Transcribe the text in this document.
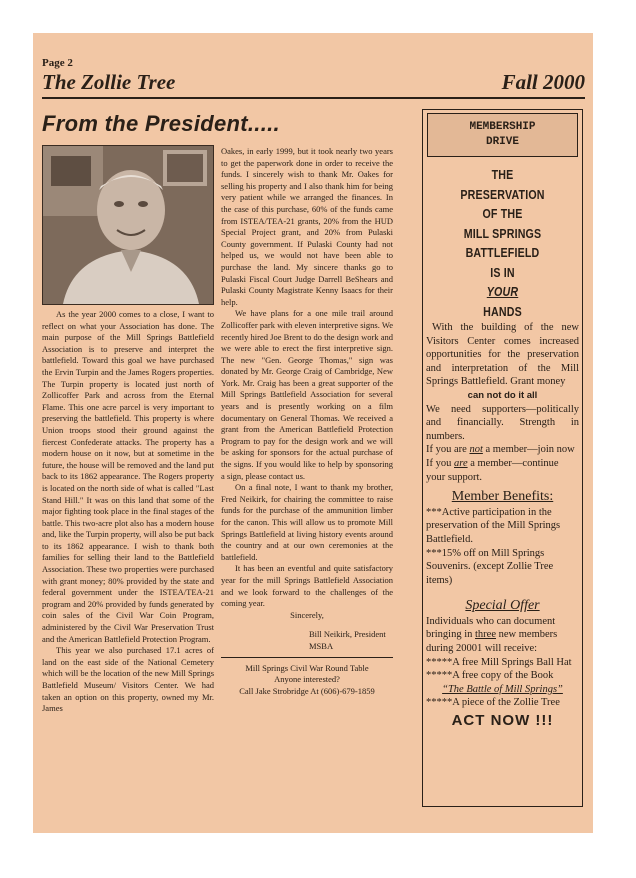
Page 2
The Zollie Tree	Fall 2000
From the President.....

As the year 2000 comes to a close, I want to reflect on what your Association has done. The main purpose of the Mill Springs Battlefield Association is to preserve and interpret the battlefield. Toward this goal we have purchased the Ervin Turpin and the James Rogers properties. The Turpin property is located just north of Zollicoffer Park and across from the Eternal Flame. This one acre parcel is very important to preserving the battlefield. This property is where Union troops stood their ground against the fiercest Confederate attacks. The property has a modern house on it now, but at sometime in the future, the house will be removed and the land put back to its 1862 appearance. The Rogers property is located on the north side of what is called "Last Stand Hill." It was on this land that some of the major fighting took place in the final stages of the battle. This two-acre plot also has a modern house and, like the Turpin property, will also be put back to its 1862 appearance. I wish to thank both families for selling their land to the Battlefield Association. These two properties were purchased with grant money; 80% provided by the state and federal government under the ISTEA/TEA-21 program and 20% provided by funds generated by coin sales of the Civil War Coin Program, administered by the Civil War Preservation Trust and the American Battlefield Protection Program.

This year we also purchased 17.1 acres of land on the east side of the National Cemetery which will be the location of the new Mill Springs Battlefield Museum/ Visitors Center. We had taken an option on this property, owned my Mr. James

Oakes, in early 1999, but it took nearly two years to get the paperwork done in order to receive the funds. I sincerely wish to thank Mr. Oakes for selling his property and I also thank him for being very patient while we arranged the finances. In the case of this purchase, 60% of the funds came from ISTEA/TEA-21 grants, 20% from the HUD Special Project grant, and 20% from Pulaski County government. If Pulaski County had not helped us, we would not have been able to purchase the land. My sincere thanks go to Pulaski Fiscal Court Judge Darrell BeShears and Pulaski County Magistrate Kenny Isaacs for their help.

We have plans for a one mile trail around Zollicoffer park with eleven interpretive signs. We recently hired Joe Brent to do the design work and we were able to erect the first interpretive sign. The new "Gen. George Thomas," sign was donated by Mr. George Craig of Cambridge, New York. Mr. Craig has been a great supporter of the Mill Springs Battlefield Association for several years and is presently working on a film documentary on General Thomas. We received a grant from the American Battlefield Protection Program to pay for the design work and we will be asking for sponsors for the actual purchase of the signs. If you would like to help by sponsoring a sign, please contact us.

On a final note, I want to thank my brother, Fred Neikirk, for chairing the committee to raise funds for the purchase of the ammunition limber for the canon. This will allow us to promote Mill Springs Battlefield at living history events around the country and at our own ceremonies at the battlefield.

It has been an eventful and quite satisfactory year for the mill Springs Battlefield Association and we look forward to the challenges of the coming year.

Sincerely,
Bill Neikirk, President
MSBA
Mill Springs Civil War Round Table
Anyone interested?
Call Jake Strobridge At (606)-679-1859
MEMBERSHIP
DRIVE
THE
PRESERVATION
OF THE
MILL SPRINGS
BATTLEFIELD
IS IN
YOUR
HANDS

With the building of the new Visitors Center comes increased opportunities for the preservation and interpretation of the Mill Springs Battlefield. Grant money

can not do it all

We need supporters—politically and financially. Strength in numbers.

If you are not a member—join now

If you are a member—continue your support.

Member Benefits:

***Active participation in the preservation of the Mill Springs Battlefield.

***15% off on Mill Springs Souvenirs. (except Zollie Tree items)

Special Offer

Individuals who can document bringing in three new members during 20001 will receive:

*****A free Mill Springs Ball Hat

*****A free copy of the Book

“The Battle of Mill Springs”

*****A piece of the Zollie Tree

ACT NOW !!!
